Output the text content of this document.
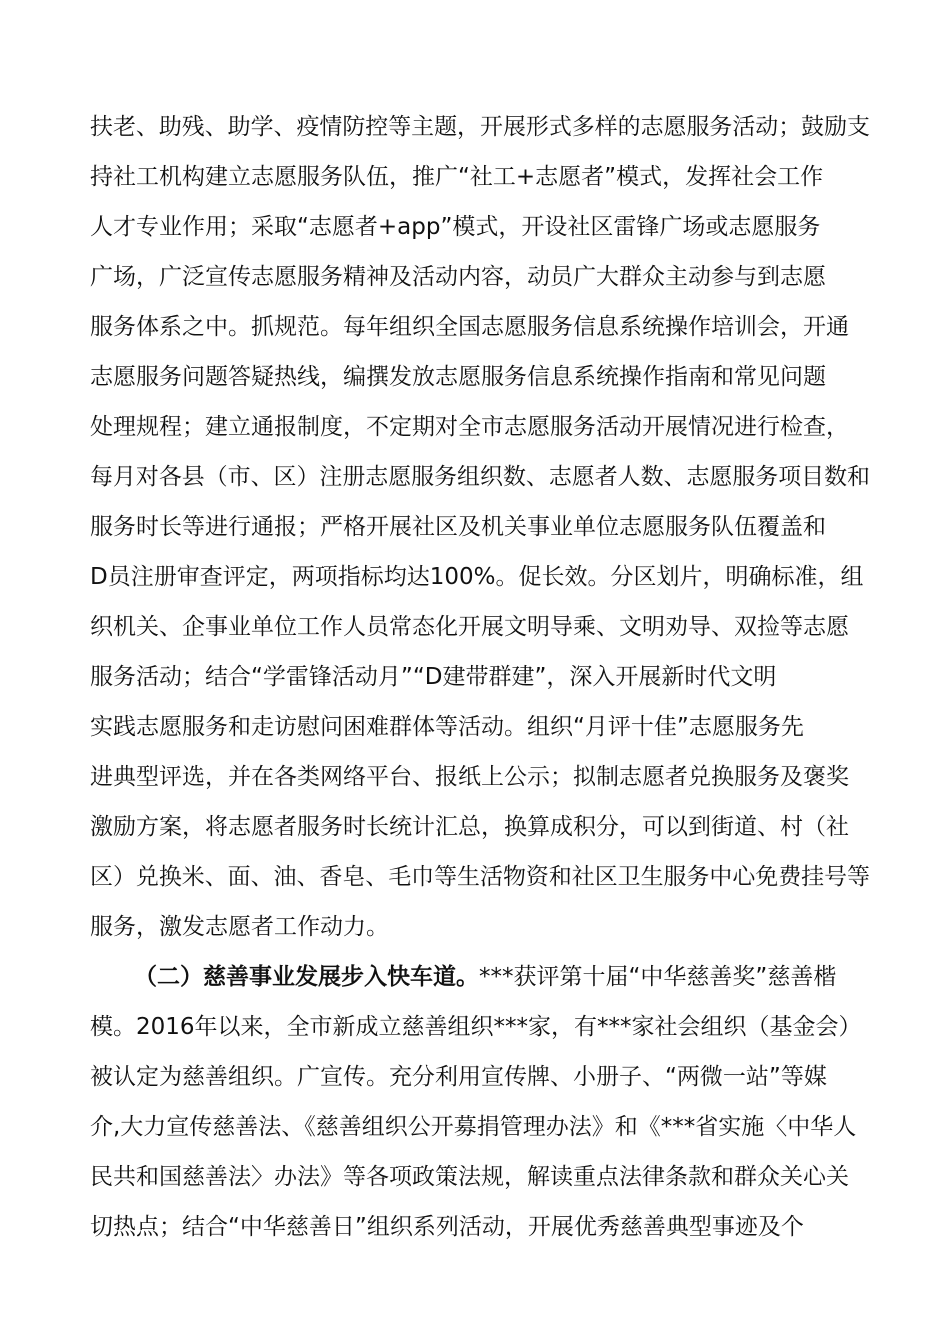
扶老、助残、助学、疫情防控等主题，开展形式多样的志愿服务活动；鼓励支
持社工机构建立志愿服务队伍，推广“社工+志愿者”模式，发挥社会工作
人才专业作用；采取“志愿者+app”模式，开设社区雷锋广场或志愿服务
广场，广泛宣传志愿服务精神及活动内容，动员广大群众主动参与到志愿
服务体系之中。抓规范。每年组织全国志愿服务信息系统操作培训会，开通
志愿服务问题答疑热线，编撰发放志愿服务信息系统操作指南和常见问题
处理规程；建立通报制度，不定期对全市志愿服务活动开展情况进行检查，
每月对各县（市、区）注册志愿服务组织数、志愿者人数、志愿服务项目数和
服务时长等进行通报；严格开展社区及机关事业单位志愿服务队伍覆盖和
D员注册审查评定，两项指标均达100%。促长效。分区划片，明确标准，组
织机关、企事业单位工作人员常态化开展文明导乘、文明劝导、双捡等志愿
服务活动；结合“学雷锋活动月”“D建带群建”，深入开展新时代文明
实践志愿服务和走访慰问困难群体等活动。组织“月评十佳”志愿服务先
进典型评选，并在各类网络平台、报纸上公示；拟制志愿者兑换服务及褒奖
激励方案，将志愿者服务时长统计汇总，换算成积分，可以到街道、村（社
区）兑换米、面、油、香皂、毛巾等生活物资和社区卫生服务中心免费挂号等
服务，激发志愿者工作动力。
（二）慈善事业发展步入快车道。***获评第十届“中华慈善奖”慈善楷
模。2016年以来，全市新成立慈善组织***家，有***家社会组织（基金会）
被认定为慈善组织。广宣传。充分利用宣传牌、小册子、“两微一站”等媒
介,大力宣传慈善法、《慈善组织公开募捐管理办法》和《***省实施〈中华人
民共和国慈善法〉办法》等各项政策法规，解读重点法律条款和群众关心关
切热点；结合“中华慈善日”组织系列活动，开展优秀慈善典型事迹及个
